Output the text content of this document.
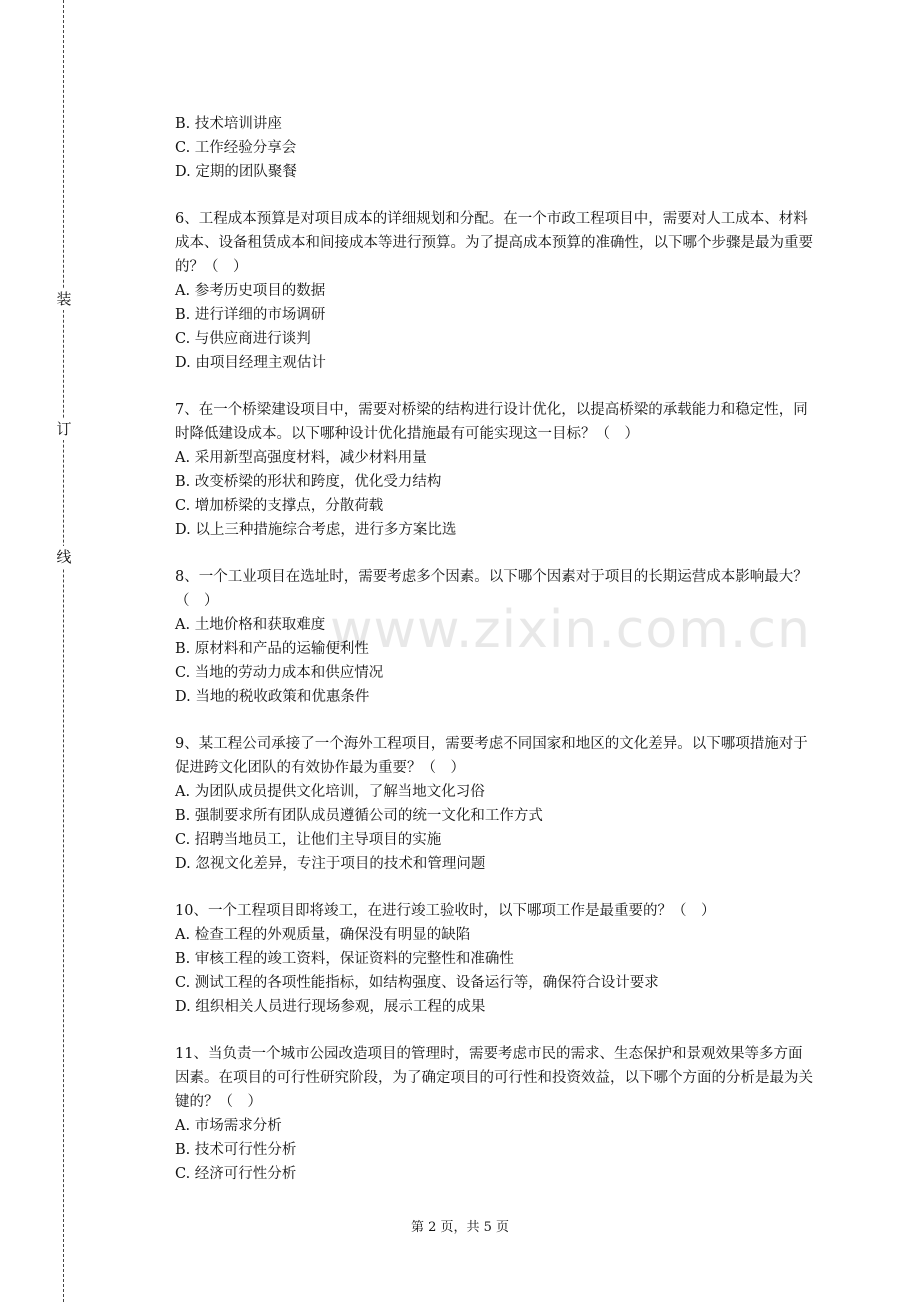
装
订
线
www.zixin.com.cn

B. 技术培训讲座

C. 工作经验分享会

D. 定期的团队聚餐

6、工程成本预算是对项目成本的详细规划和分配。在一个市政工程项目中，需要对人工成本、材料成本、设备租赁成本和间接成本等进行预算。为了提高成本预算的准确性，以下哪个步骤是最为重要的？（　）

A. 参考历史项目的数据

B. 进行详细的市场调研

C. 与供应商进行谈判

D. 由项目经理主观估计

7、在一个桥梁建设项目中，需要对桥梁的结构进行设计优化，以提高桥梁的承载能力和稳定性，同时降低建设成本。以下哪种设计优化措施最有可能实现这一目标？（　）

A. 采用新型高强度材料，减少材料用量

B. 改变桥梁的形状和跨度，优化受力结构

C. 增加桥梁的支撑点，分散荷载

D. 以上三种措施综合考虑，进行多方案比选

8、一个工业项目在选址时，需要考虑多个因素。以下哪个因素对于项目的长期运营成本影响最大？（　）

A. 土地价格和获取难度

B. 原材料和产品的运输便利性

C. 当地的劳动力成本和供应情况

D. 当地的税收政策和优惠条件

9、某工程公司承接了一个海外工程项目，需要考虑不同国家和地区的文化差异。以下哪项措施对于促进跨文化团队的有效协作最为重要？（　）

A. 为团队成员提供文化培训，了解当地文化习俗

B. 强制要求所有团队成员遵循公司的统一文化和工作方式

C. 招聘当地员工，让他们主导项目的实施

D. 忽视文化差异，专注于项目的技术和管理问题

10、一个工程项目即将竣工，在进行竣工验收时，以下哪项工作是最重要的？（　）

A. 检查工程的外观质量，确保没有明显的缺陷

B. 审核工程的竣工资料，保证资料的完整性和准确性

C. 测试工程的各项性能指标，如结构强度、设备运行等，确保符合设计要求

D. 组织相关人员进行现场参观，展示工程的成果

11、当负责一个城市公园改造项目的管理时，需要考虑市民的需求、生态保护和景观效果等多方面因素。在项目的可行性研究阶段，为了确定项目的可行性和投资效益，以下哪个方面的分析是最为关键的？（　）

A. 市场需求分析

B. 技术可行性分析

C. 经济可行性分析

第 2 页，共 5 页
